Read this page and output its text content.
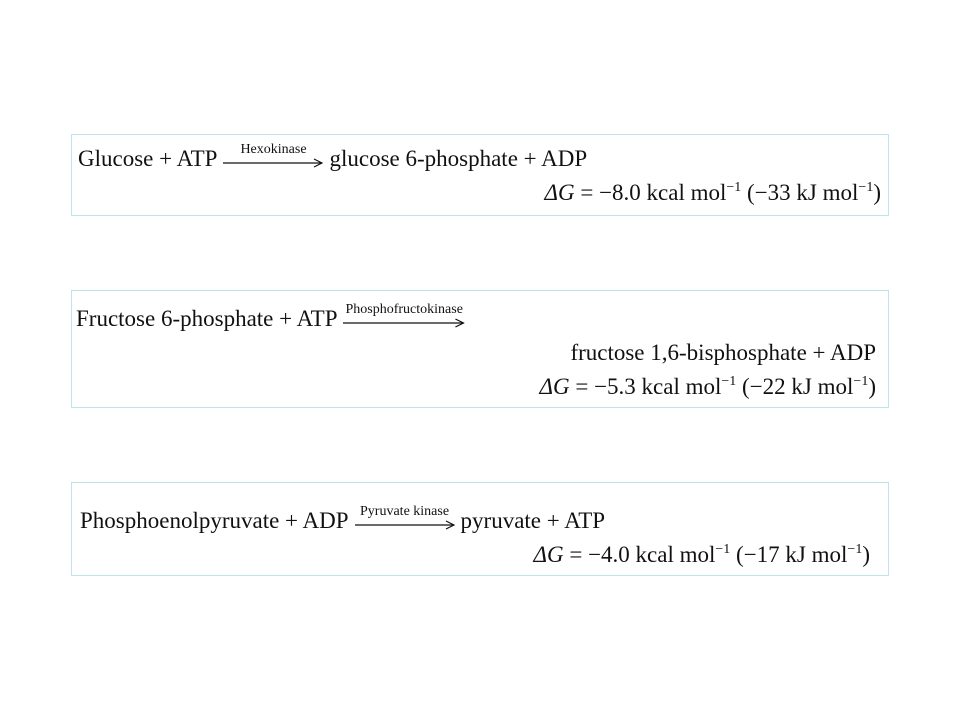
Glucose + ATP	Hexokinase glucose 6-phosphate + ADP
ΔG = −8.0 kcal mol$^{-1}$ (−33 kJ mol$^{-1}$)
Fructose 6-phosphate + ATP Phosphofructokinase
fructose 1,6-bisphosphate + ADP
ΔG = −5.3 kcal mol$^{-1}$ (−22 kJ mol$^{-1}$)
Phosphoenolpyruvate + ADP Pyruvate kinase pyruvate + ATP
ΔG = −4.0 kcal mol$^{-1}$ (−17 kJ mol$^{-1}$)
